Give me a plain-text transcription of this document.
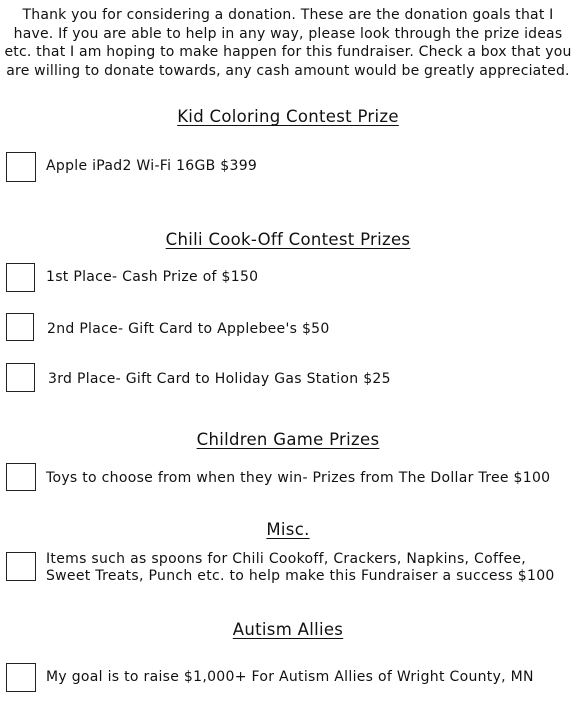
Thank you for considering a donation. These are the donation goals that I have. If you are able to help in any way, please look through the prize ideas etc. that I am hoping to make happen for this fundraiser. Check a box that you are willing to donate towards, any cash amount would be greatly appreciated.
Kid Coloring Contest Prize
Apple iPad2 Wi-Fi 16GB $399
Chili Cook-Off Contest Prizes
1st Place- Cash Prize of $150
2nd Place- Gift Card to Applebee's $50
3rd Place- Gift Card to Holiday Gas Station $25
Children Game Prizes
Toys to choose from when they win- Prizes from The Dollar Tree $100
Misc.
Items such as spoons for Chili Cookoff, Crackers, Napkins, Coffee, Sweet Treats, Punch etc. to help make this Fundraiser a success $100
Autism Allies
My goal is to raise $1,000+ For Autism Allies of Wright County, MN
